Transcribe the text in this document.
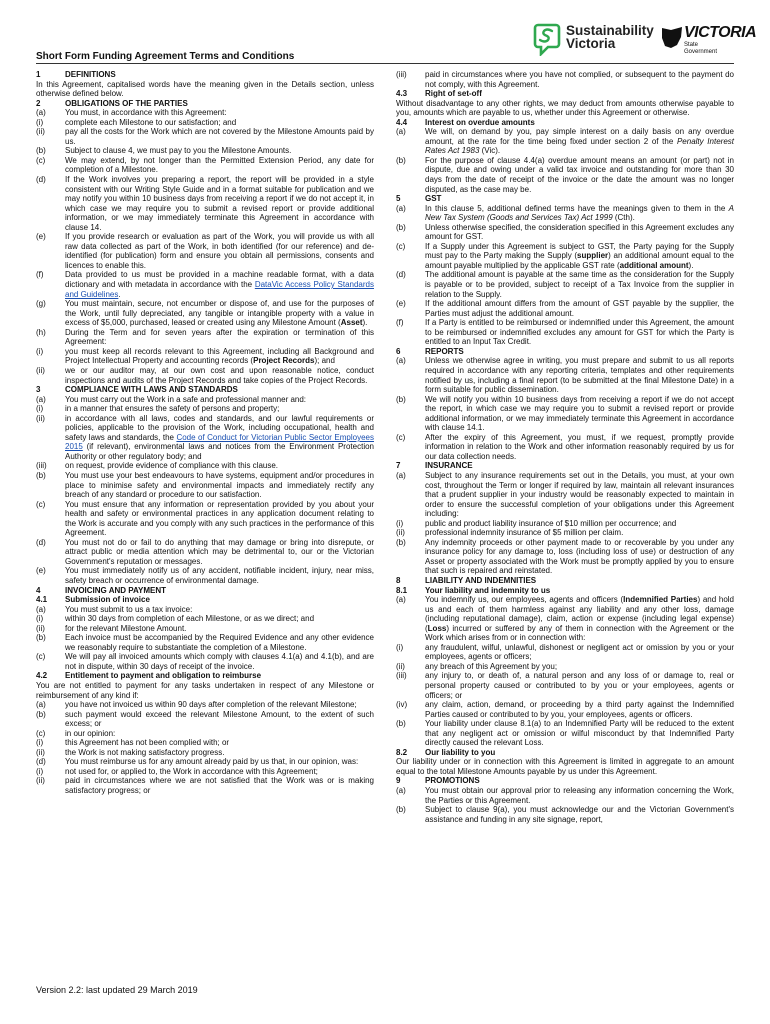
Sustainability
Victoria
VICTORIA
State
Government
Short Form Funding Agreement Terms and Conditions
1	DEFINITIONS
In this Agreement, capitalised words have the meaning given in the Details section, unless otherwise defined below.
2	OBLIGATIONS OF THE PARTIES
(a)	You must, in accordance with this Agreement:
(i)	complete each Milestone to our satisfaction; and
(ii)	pay all the costs for the Work which are not covered by the Milestone Amounts paid by us.
(b)	Subject to clause 4, we must pay to you the Milestone Amounts.
(c)	We may extend, by not longer than the Permitted Extension Period, any date for completion of a Milestone.
(d)	If the Work involves you preparing a report, the report will be provided in a style consistent with our Writing Style Guide and in a format suitable for publication and we may notify you within 10 business days from receiving a report if we do not accept it, in which case we may require you to submit a revised report or provide additional information, or we may immediately terminate this Agreement in accordance with clause 14.
(e)	If you provide research or evaluation as part of the Work, you will provide us with all raw data collected as part of the Work, in both identified (for our reference) and de-identified (for publication) form and ensure you obtain all permissions, consents and licences to enable this.
(f)	Data provided to us must be provided in a machine readable format, with a data dictionary and with metadata in accordance with the DataVic Access Policy Standards and Guidelines.
(g)	You must maintain, secure, not encumber or dispose of, and use for the purposes of the Work, until fully depreciated, any tangible or intangible property with a value in excess of $5,000, purchased, leased or created using any Milestone Amount (Asset).
(h)	During the Term and for seven years after the expiration or termination of this Agreement:
(i)	you must keep all records relevant to this Agreement, including all Background and Project Intellectual Property and accounting records (Project Records); and
(ii)	we or our auditor may, at our own cost and upon reasonable notice, conduct inspections and audits of the Project Records and take copies of the Project Records.
3	COMPLIANCE WITH LAWS AND STANDARDS
(a)	You must carry out the Work in a safe and professional manner and:
(i)	in a manner that ensures the safety of persons and property;
(ii)	in accordance with all laws, codes and standards, and our lawful requirements or policies, applicable to the provision of the Work, including occupational, health and safety laws and standards, the Code of Conduct for Victorian Public Sector Employees 2015 (if relevant), environmental laws and notices from the Environment Protection Authority or other regulatory body; and
(iii)	on request, provide evidence of compliance with this clause.
(b)	You must use your best endeavours to have systems, equipment and/or procedures in place to minimise safety and environmental impacts and immediately rectify any breach of any standard or procedure to our satisfaction.
(c)	You must ensure that any information or representation provided by you about your health and safety or environmental practices in any application document relating to the Work is accurate and you comply with any such practices in the performance of this Agreement.
(d)	You must not do or fail to do anything that may damage or bring into disrepute, or attract public or media attention which may be detrimental to, our or the Victorian Government's reputation or messages.
(e)	You must immediately notify us of any accident, notifiable incident, injury, near miss, safety breach or occurrence of environmental damage.
4	INVOICING AND PAYMENT
4.1	Submission of invoice
(a)	You must submit to us a tax invoice:
(i)	within 30 days from completion of each Milestone, or as we direct; and
(ii)	for the relevant Milestone Amount.
(b)	Each invoice must be accompanied by the Required Evidence and any other evidence we reasonably require to substantiate the completion of a Milestone.
(c)	We will pay all invoiced amounts which comply with clauses 4.1(a) and 4.1(b), and are not in dispute, within 30 days of receipt of the invoice.
4.2	Entitlement to payment and obligation to reimburse
You are not entitled to payment for any tasks undertaken in respect of any Milestone or reimbursement of any kind if:
(a)	you have not invoiced us within 90 days after completion of the relevant Milestone;
(b)	such payment would exceed the relevant Milestone Amount, to the extent of such excess; or
(c)	in our opinion:
(i)	this Agreement has not been complied with; or
(ii)	the Work is not making satisfactory progress.
(d)	You must reimburse us for any amount already paid by us that, in our opinion, was:
(i)	not used for, or applied to, the Work in accordance with this Agreement;
(ii)	paid in circumstances where we are not satisfied that the Work was or is making satisfactory progress; or
(iii)	paid in circumstances where you have not complied, or subsequent to the payment do not comply, with this Agreement.
4.3	Right of set-off
Without disadvantage to any other rights, we may deduct from amounts otherwise payable to you, amounts which are payable to us, whether under this Agreement or otherwise.
4.4	Interest on overdue amounts
(a)	We will, on demand by you, pay simple interest on a daily basis on any overdue amount, at the rate for the time being fixed under section 2 of the Penalty Interest Rates Act 1983 (Vic).
(b)	For the purpose of clause 4.4(a) overdue amount means an amount (or part) not in dispute, due and owing under a valid tax invoice and outstanding for more than 30 days from the date of receipt of the invoice or the date the amount was no longer disputed, as the case may be.
5	GST
(a)	In this clause 5, additional defined terms have the meanings given to them in the A New Tax System (Goods and Services Tax) Act 1999 (Cth).
(b)	Unless otherwise specified, the consideration specified in this Agreement excludes any amount for GST.
(c)	If a Supply under this Agreement is subject to GST, the Party paying for the Supply must pay to the Party making the Supply (supplier) an additional amount equal to the amount payable multiplied by the applicable GST rate (additional amount).
(d)	The additional amount is payable at the same time as the consideration for the Supply is payable or to be provided, subject to receipt of a Tax Invoice from the supplier in relation to the Supply.
(e)	If the additional amount differs from the amount of GST payable by the supplier, the Parties must adjust the additional amount.
(f)	If a Party is entitled to be reimbursed or indemnified under this Agreement, the amount to be reimbursed or indemnified excludes any amount for GST for which the Party is entitled to an Input Tax Credit.
6	REPORTS
(a)	Unless we otherwise agree in writing, you must prepare and submit to us all reports required in accordance with any reporting criteria, templates and other requirements notified by us, including a final report (to be submitted at the final Milestone Date) in a form suitable for public dissemination.
(b)	We will notify you within 10 business days from receiving a report if we do not accept the report, in which case we may require you to submit a revised report or provide additional information, or we may immediately terminate this Agreement in accordance with clause 14.1.
(c)	After the expiry of this Agreement, you must, if we request, promptly provide information in relation to the Work and other information reasonably required by us for our data collection needs.
7	INSURANCE
(a)	Subject to any insurance requirements set out in the Details, you must, at your own cost, throughout the Term or longer if required by law, maintain all relevant insurances that a prudent supplier in your industry would be reasonably expected to maintain in order to ensure the successful completion of your obligations under this Agreement including:
(i)	public and product liability insurance of $10 million per occurrence; and
(ii)	professional indemnity insurance of $5 million per claim.
(b)	Any indemnity proceeds or other payment made to or recoverable by you under any insurance policy for any damage to, loss (including loss of use) or destruction of any Asset or property associated with the Work must be promptly applied by you to ensure that such is repaired and reinstated.
8	LIABILITY AND INDEMNITIES
8.1	Your liability and indemnity to us
(a)	You indemnify us, our employees, agents and officers (Indemnified Parties) and hold us and each of them harmless against any liability and any other loss, damage (including reputational damage), claim, action or expense (including legal expense) (Loss) incurred or suffered by any of them in connection with the Agreement or the Work which arises from or in connection with:
(i)	any fraudulent, wilful, unlawful, dishonest or negligent act or omission by you or your employees, agents or officers;
(ii)	any breach of this Agreement by you;
(iii)	any injury to, or death of, a natural person and any loss of or damage to, real or personal property caused or contributed to by you or your employees, agents or officers; or
(iv)	any claim, action, demand, or proceeding by a third party against the Indemnified Parties caused or contributed to by you, your employees, agents or officers.
(b)	Your liability under clause 8.1(a) to an Indemnified Party will be reduced to the extent that any negligent act or omission or wilful misconduct by that Indemnified Party directly caused the relevant Loss.
8.2	Our liability to you
Our liability under or in connection with this Agreement is limited in aggregate to an amount equal to the total Milestone Amounts payable by us under this Agreement.
9	PROMOTIONS
(a)	You must obtain our approval prior to releasing any information concerning the Work, the Parties or this Agreement.
(b)	Subject to clause 9(a), you must acknowledge our and the Victorian Government's assistance and funding in any site signage, report,
Version 2.2: last updated 29 March 2019
